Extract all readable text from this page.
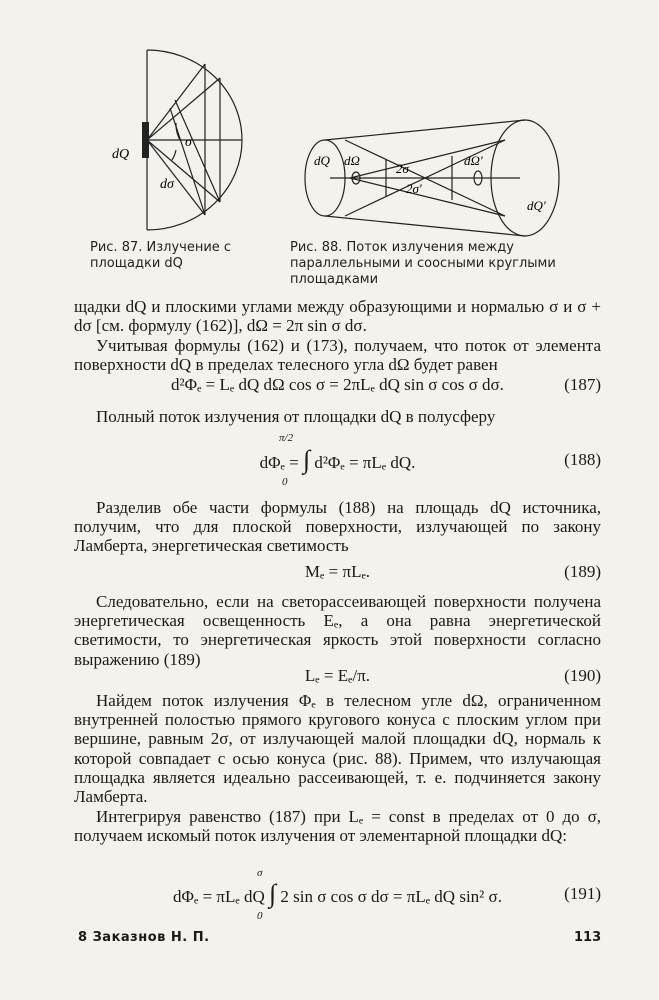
dQ
σ
dσ
dQ dΩ
2σ
2σ'
dΩ'
dQ'
Рис. 87. Излучение с площадки dQ
Рис. 88. Поток излучения между параллельными и соосными круглыми площадками

щадки dQ и плоскими углами между образующими и нормалью σ и σ + dσ [см. формулу (162)], dΩ = 2π sin σ dσ.

Учитывая формулы (162) и (173), получаем, что поток от элемента поверхности dQ в пределах телесного угла dΩ будет равен

d²Φₑ = Lₑ dQ dΩ cos σ = 2πLₑ dQ sin σ cos σ dσ.	(187)

Полный поток излучения от площадки dQ в полусферу

dΦₑ = ∫ d²Φₑ = πLₑ dQ.
π/2
0
(188)

Разделив обе части формулы (188) на площадь dQ источника, получим, что для плоской поверхности, излучающей по закону Ламберта, энергетическая светимость

Mₑ = πLₑ.	(189)

Следовательно, если на светорассеивающей поверхности получена энергетическая освещенность Eₑ, а она равна энергетической светимости, то энергетическая яркость этой поверхности согласно выражению (189)

Lₑ = Eₑ/π.	(190)

Найдем поток излучения Φₑ в телесном угле dΩ, ограниченном внутренней полостью прямого кругового конуса с плоским углом при вершине, равным 2σ, от излучающей малой площадки dQ, нормаль к которой совпадает с осью конуса (рис. 88). Примем, что излучающая площадка является идеально рассеивающей, т. е. подчиняется закону Ламберта.

Интегрируя равенство (187) при Lₑ = const в пределах от 0 до σ, получаем искомый поток излучения от элементарной площадки dQ:

dΦₑ = πLₑ dQ ∫ 2 sin σ cos σ dσ = πLₑ dQ sin² σ.
σ
0
(191)
8 Заказнов Н. П.	113
